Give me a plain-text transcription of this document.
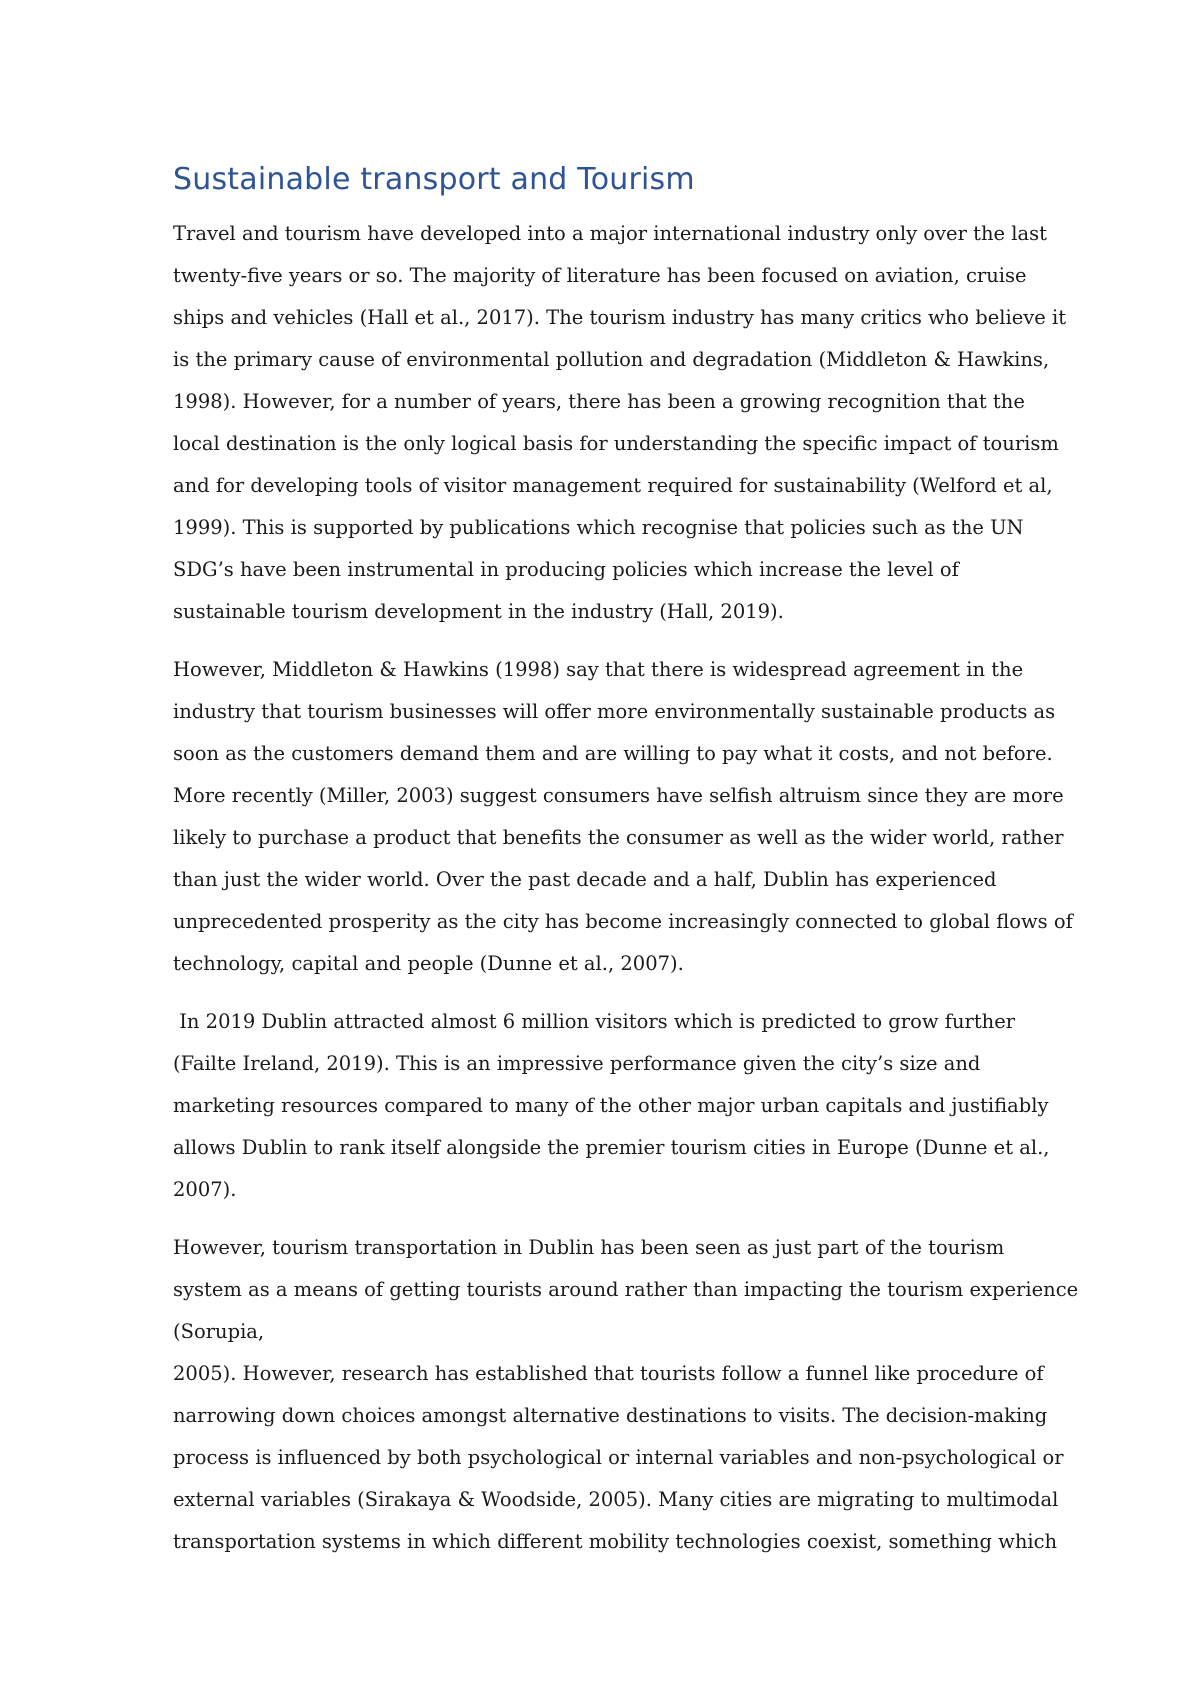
Sustainable transport and Tourism

Travel and tourism have developed into a major international industry only over the last
twenty-five years or so. The majority of literature has been focused on aviation, cruise
ships and vehicles (Hall et al., 2017). The tourism industry has many critics who believe it
is the primary cause of environmental pollution and degradation (Middleton & Hawkins,
1998). However, for a number of years, there has been a growing recognition that the
local destination is the only logical basis for understanding the specific impact of tourism
and for developing tools of visitor management required for sustainability (Welford et al,
1999). This is supported by publications which recognise that policies such as the UN
SDG’s have been instrumental in producing policies which increase the level of
sustainable tourism development in the industry (Hall, 2019).

However, Middleton & Hawkins (1998) say that there is widespread agreement in the
industry that tourism businesses will offer more environmentally sustainable products as
soon as the customers demand them and are willing to pay what it costs, and not before.
More recently (Miller, 2003) suggest consumers have selfish altruism since they are more
likely to purchase a product that benefits the consumer as well as the wider world, rather
than just the wider world. Over the past decade and a half, Dublin has experienced
unprecedented prosperity as the city has become increasingly connected to global flows of
technology, capital and people (Dunne et al., 2007).

In 2019 Dublin attracted almost 6 million visitors which is predicted to grow further
(Failte Ireland, 2019). This is an impressive performance given the city’s size and
marketing resources compared to many of the other major urban capitals and justifiably
allows Dublin to rank itself alongside the premier tourism cities in Europe (Dunne et al.,
2007).

However, tourism transportation in Dublin has been seen as just part of the tourism
system as a means of getting tourists around rather than impacting the tourism experience
(Sorupia,
2005). However, research has established that tourists follow a funnel like procedure of
narrowing down choices amongst alternative destinations to visits. The decision-making
process is influenced by both psychological or internal variables and non-psychological or
external variables (Sirakaya & Woodside, 2005). Many cities are migrating to multimodal
transportation systems in which different mobility technologies coexist, something which
